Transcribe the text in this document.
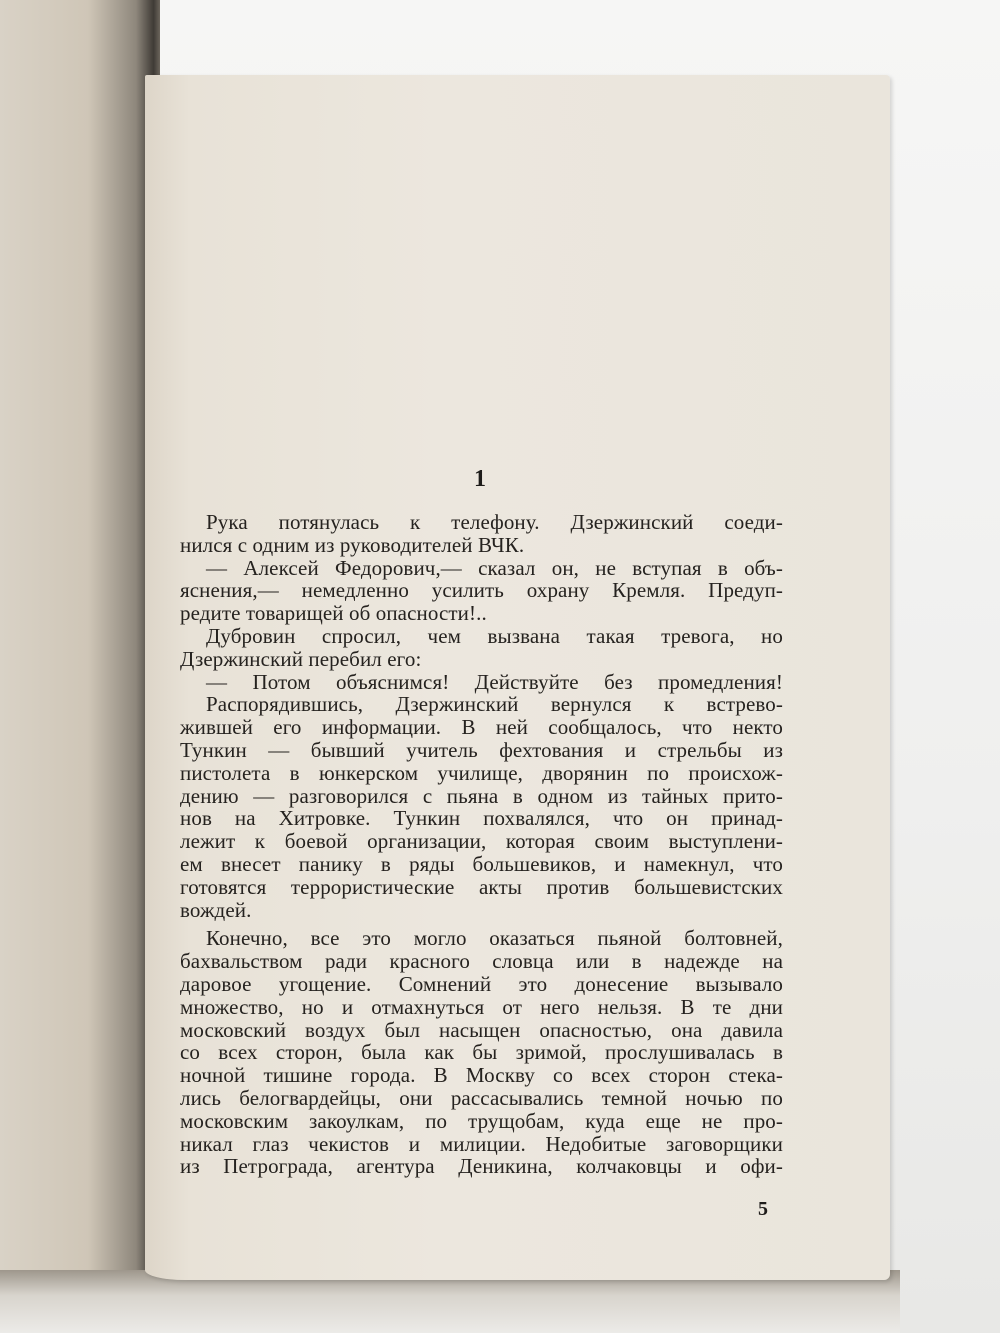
1
Рука потянулась к телефону. Дзержинский соеди-
нился с одним из руководителей ВЧК.
— Алексей Федорович,— сказал он, не вступая в объ-
яснения,— немедленно усилить охрану Кремля. Предуп-
редите товарищей об опасности!..
Дубровин спросил, чем вызвана такая тревога, но
Дзержинский перебил его:
— Потом объяснимся! Действуйте без промедления!
Распорядившись, Дзержинский вернулся к встрево-
жившей его информации. В ней сообщалось, что некто
Тункин — бывший учитель фехтования и стрельбы из
пистолета в юнкерском училище, дворянин по происхож-
дению — разговорился с пьяна в одном из тайных прито-
нов на Хитровке. Тункин похвалялся, что он принад-
лежит к боевой организации, которая своим выступлени-
ем внесет панику в ряды большевиков, и намекнул, что
готовятся террористические акты против большевистских
вождей.
Конечно, все это могло оказаться пьяной болтовней,
бахвальством ради красного словца или в надежде на
даровое угощение. Сомнений это донесение вызывало
множество, но и отмахнуться от него нельзя. В те дни
московский воздух был насыщен опасностью, она давила
со всех сторон, была как бы зримой, прослушивалась в
ночной тишине города. В Москву со всех сторон стека-
лись белогвардейцы, они рассасывались темной ночью по
московским закоулкам, по трущобам, куда еще не про-
никал глаз чекистов и милиции. Недобитые заговорщики
из Петрограда, агентура Деникина, колчаковцы и офи-
5
